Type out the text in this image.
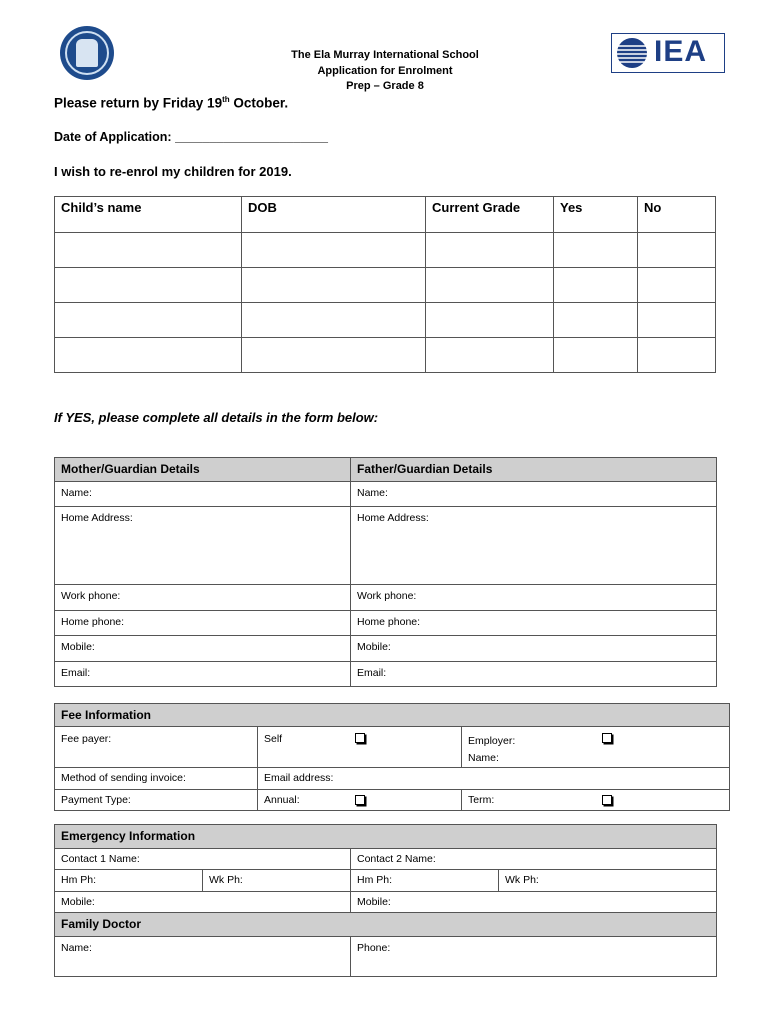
IEA
The Ela Murray International School
Application for Enrolment
Prep – Grade 8
Please return by Friday 19th October.
Date of Application: ______________________
I wish to re-enrol my children for 2019.
Child’s name	DOB	Current Grade	Yes	No

If YES, please complete all details in the form below:
Mother/Guardian Details	Father/Guardian Details
Name:	Name:
Home Address:	Home Address:
Work phone:	Work phone:
Home phone:	Home phone:
Mobile:	Mobile:
Email:	Email:
Fee Information		
Fee payer:	Self	Employer:
Name:

Method of sending invoice:	Email address:	
Payment Type:	Annual:	Term:
Emergency Information			
Contact 1 Name:		Contact 2 Name:	
Hm Ph:	Wk Ph:	Hm Ph:	Wk Ph:
Mobile:		Mobile:	
Family Doctor			
Name:		Phone:	
